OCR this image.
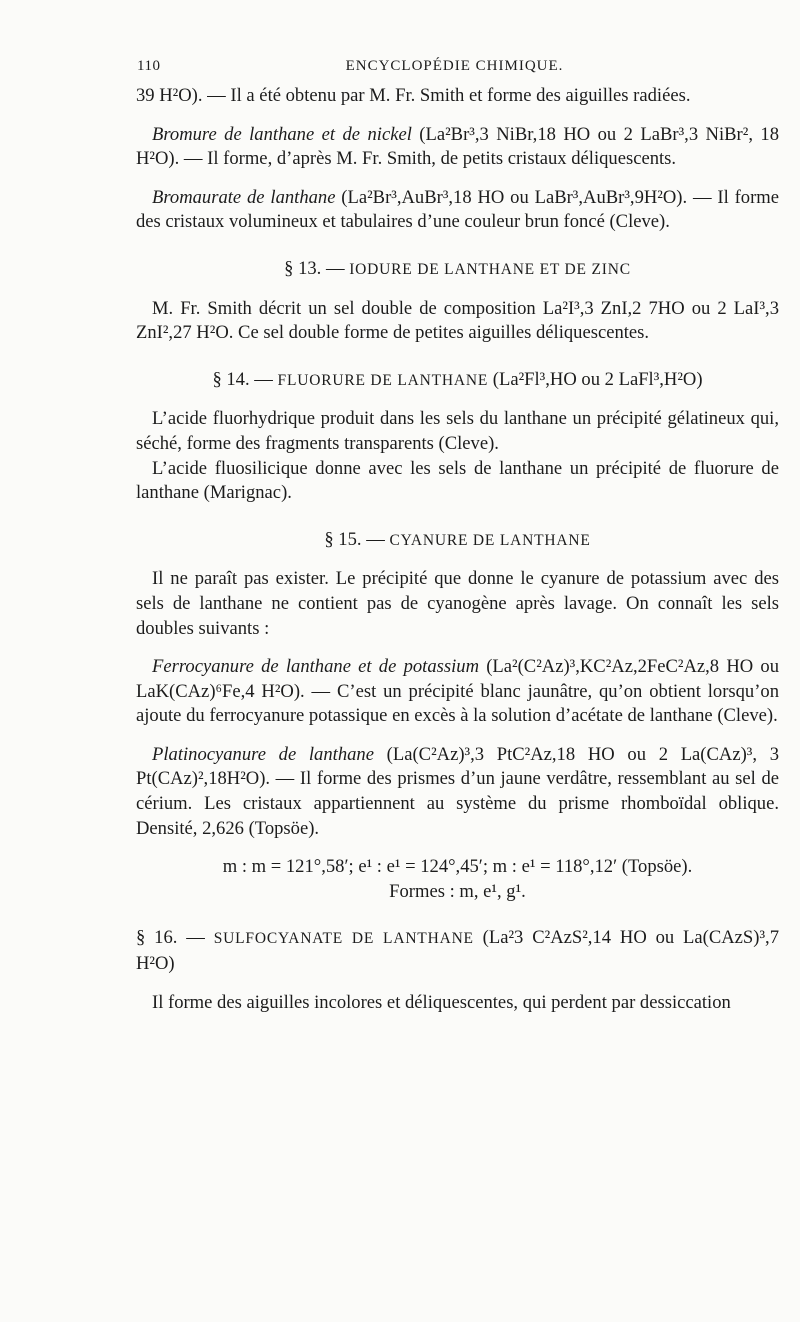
110	ENCYCLOPÉDIE CHIMIQUE.

39 H²O). — Il a été obtenu par M. Fr. Smith et forme des aiguilles radiées.

Bromure de lanthane et de nickel (La²Br³,3 NiBr,18 HO ou 2 LaBr³,3 NiBr², 18 H²O). — Il forme, d’après M. Fr. Smith, de petits cristaux déliquescents.

Bromaurate de lanthane (La²Br³,AuBr³,18 HO ou LaBr³,AuBr³,9H²O). — Il forme des cristaux volumineux et tabulaires d’une couleur brun foncé (Cleve).

§ 13. — IODURE DE LANTHANE ET DE ZINC

M. Fr. Smith décrit un sel double de composition La²I³,3 ZnI,2 7HO ou 2 LaI³,3 ZnI²,27 H²O. Ce sel double forme de petites aiguilles déliquescentes.

§ 14. — FLUORURE DE LANTHANE (La²Fl³,HO ou 2 LaFl³,H²O)

L’acide fluorhydrique produit dans les sels du lanthane un précipité gélatineux qui, séché, forme des fragments transparents (Cleve).

L’acide fluosilicique donne avec les sels de lanthane un précipité de fluorure de lanthane (Marignac).

§ 15. — CYANURE DE LANTHANE

Il ne paraît pas exister. Le précipité que donne le cyanure de potassium avec des sels de lanthane ne contient pas de cyanogène après lavage. On connaît les sels doubles suivants :

Ferrocyanure de lanthane et de potassium (La²(C²Az)³,KC²Az,2FeC²Az,8 HO ou LaK(CAz)⁶Fe,4 H²O). — C’est un précipité blanc jaunâtre, qu’on obtient lorsqu’on ajoute du ferrocyanure potassique en excès à la solution d’acétate de lanthane (Cleve).

Platinocyanure de lanthane (La(C²Az)³,3 PtC²Az,18 HO ou 2 La(CAz)³, 3 Pt(CAz)²,18H²O). — Il forme des prismes d’un jaune verdâtre, ressemblant au sel de cérium. Les cristaux appartiennent au système du prisme rhomboïdal oblique. Densité, 2,626 (Topsöe).

m : m = 121°,58′; e¹ : e¹ = 124°,45′; m : e¹ = 118°,12′ (Topsöe).

Formes : m, e¹, g¹.

§ 16. — SULFOCYANATE DE LANTHANE (La²3 C²AzS²,14 HO ou La(CAzS)³,7 H²O)

Il forme des aiguilles incolores et déliquescentes, qui perdent par dessiccation
